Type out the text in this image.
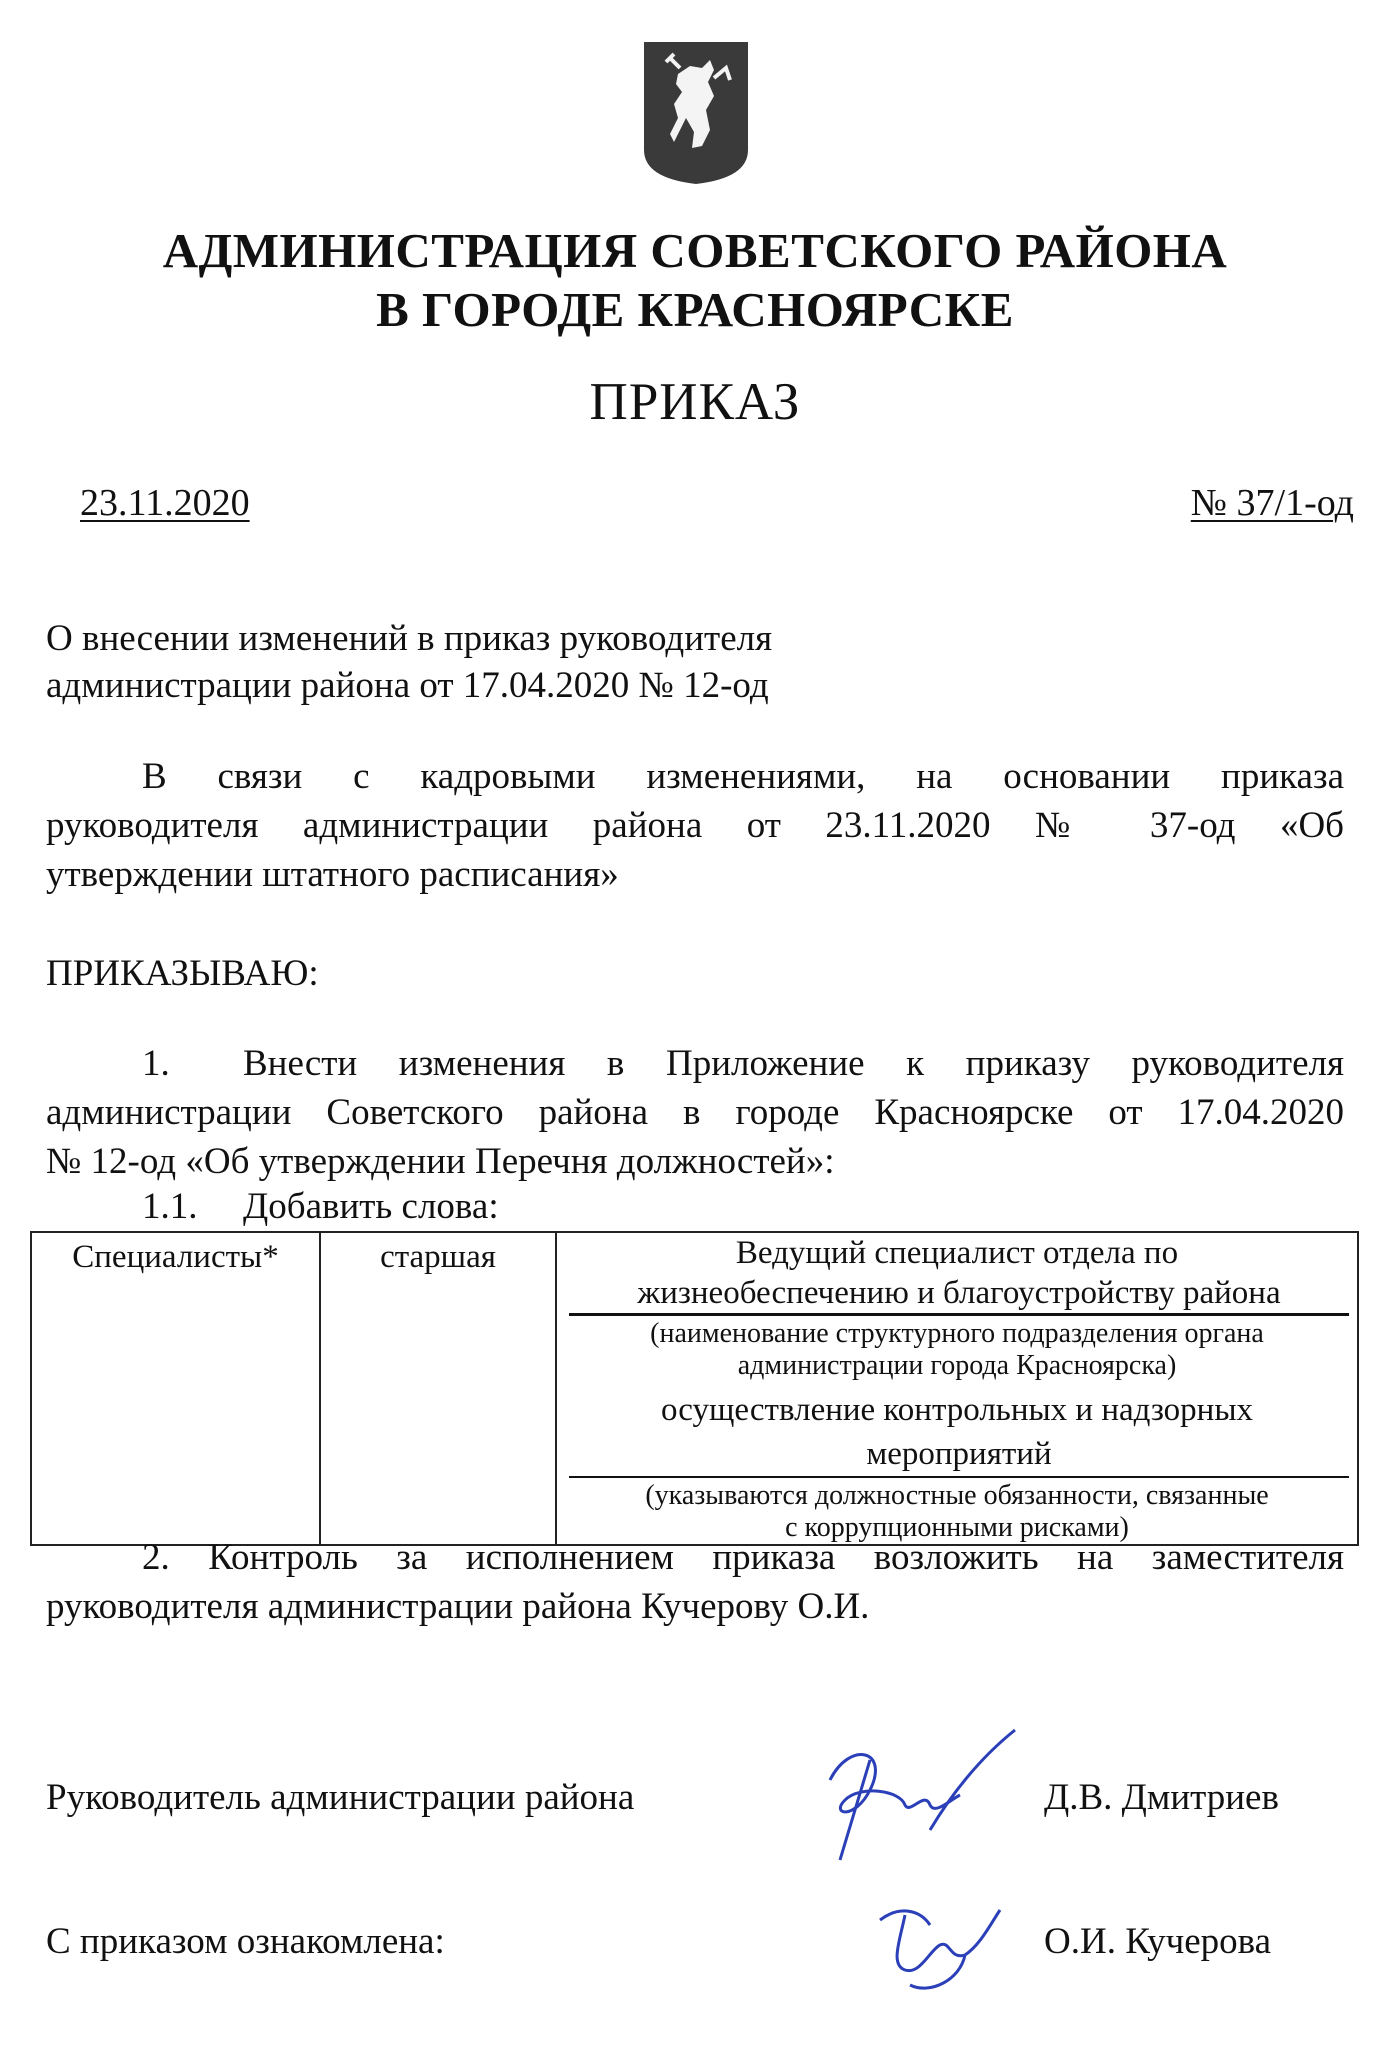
АДМИНИСТРАЦИЯ СОВЕТСКОГО РАЙОНА
В ГОРОДЕ КРАСНОЯРСКЕ
ПРИКАЗ
23.11.2020	№ 37/1-од
О внесении изменений в приказ руководителя
администрации района от 17.04.2020 № 12-од
В связи с кадровыми изменениями, на основании приказа
руководителя администрации района от 23.11.2020 № 37-од «Об
утверждении штатного расписания»
ПРИКАЗЫВАЮ:
1. Внести изменения в Приложение к приказу руководителя
администрации Советского района в городе Красноярске от 17.04.2020
№ 12-од «Об утверждении Перечня должностей»:
1.1. Добавить слова:
Специалисты*	старшая	Ведущий специалист отдела по
жизнеобеспечению и благоустройству района
(наименование структурного подразделения органа
администрации города Красноярска)
осуществление контрольных и надзорных
мероприятий
(указываются должностные обязанности, связанные
с коррупционными рисками)
2. Контроль за исполнением приказа возложить на заместителя
руководителя администрации района Кучерову О.И.
Руководитель администрации района	Д.В. Дмитриев
С приказом ознакомлена:	О.И. Кучерова
